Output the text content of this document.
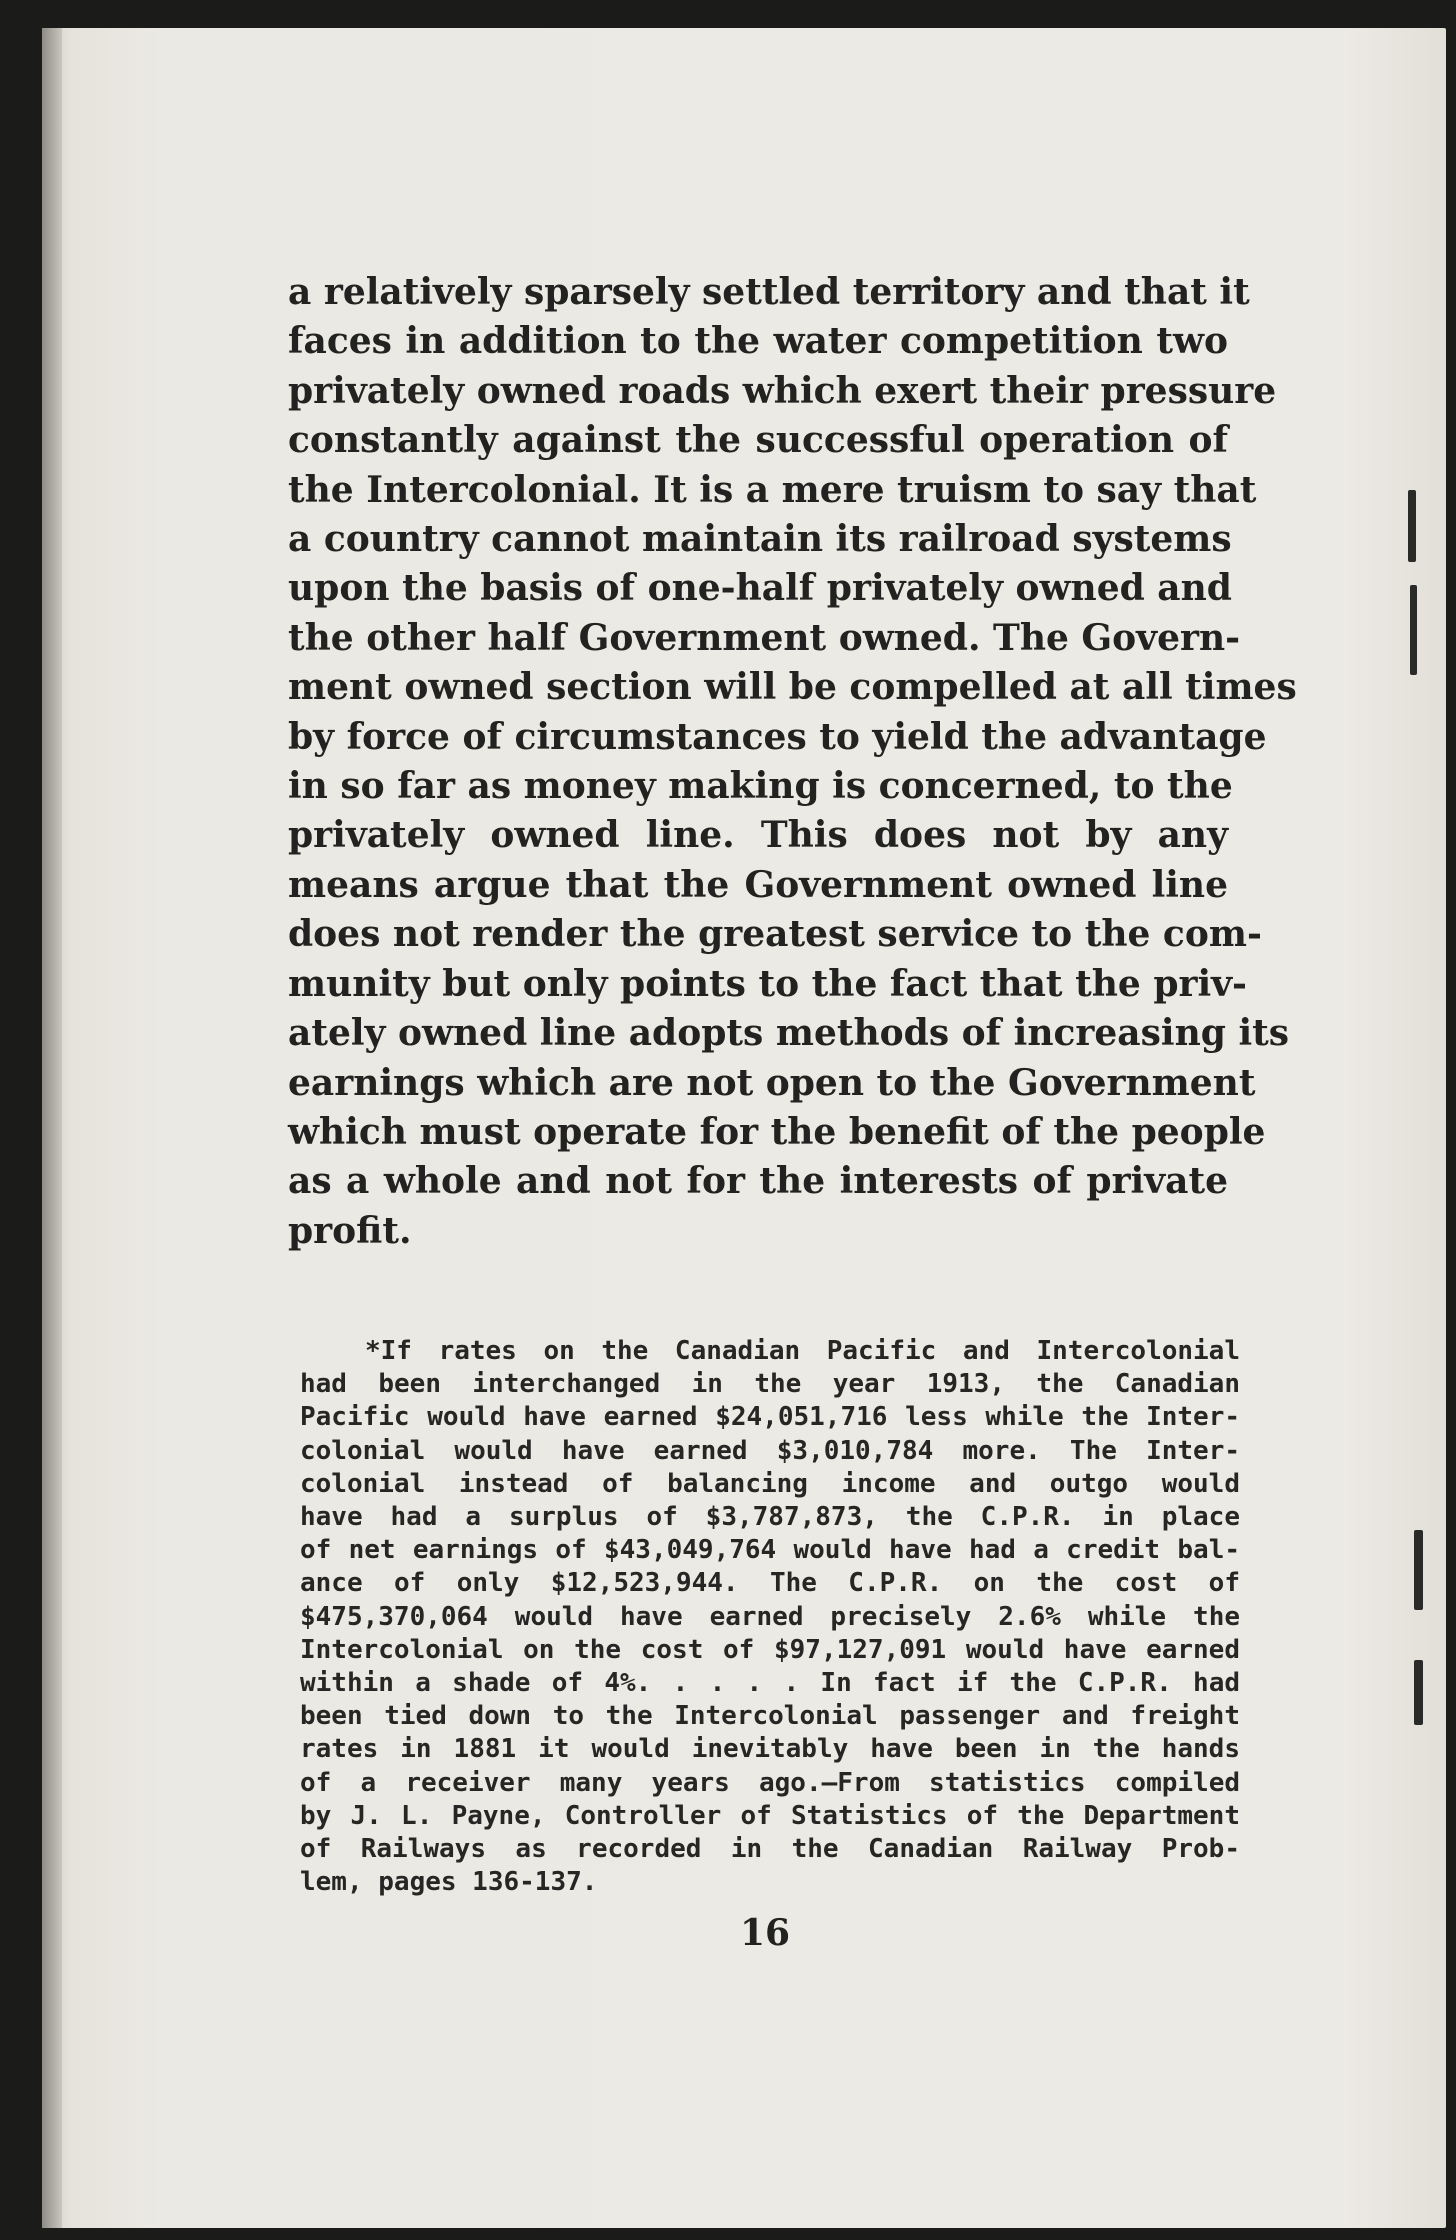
a relatively sparsely settled territory and that it
faces in addition to the water competition two
privately owned roads which exert their pressure
constantly against the successful operation of
the Intercolonial. It is a mere truism to say that
a country cannot maintain its railroad systems
upon the basis of one-half privately owned and
the other half Government owned. The Govern-
ment owned section will be compelled at all times
by force of circumstances to yield the advantage
in so far as money making is concerned, to the
privately owned line. This does not by any
means argue that the Government owned line
does not render the greatest service to the com-
munity but only points to the fact that the priv-
ately owned line adopts methods of increasing its
earnings which are not open to the Government
which must operate for the benefit of the people
as a whole and not for the interests of private
profit.
*If rates on the Canadian Pacific and Intercolonial
had been interchanged in the year 1913, the Canadian
Pacific would have earned $24,051,716 less while the Inter-
colonial would have earned $3,010,784 more. The Inter-
colonial instead of balancing income and outgo would
have had a surplus of $3,787,873, the C.P.R. in place
of net earnings of $43,049,764 would have had a credit bal-
ance of only $12,523,944. The C.P.R. on the cost of
$475,370,064 would have earned precisely 2.6% while the
Intercolonial on the cost of $97,127,091 would have earned
within a shade of 4%. . . . . In fact if the C.P.R. had
been tied down to the Intercolonial passenger and freight
rates in 1881 it would inevitably have been in the hands
of a receiver many years ago.—From statistics compiled
by J. L. Payne, Controller of Statistics of the Department
of Railways as recorded in the Canadian Railway Prob-
lem, pages 136-137.
16
